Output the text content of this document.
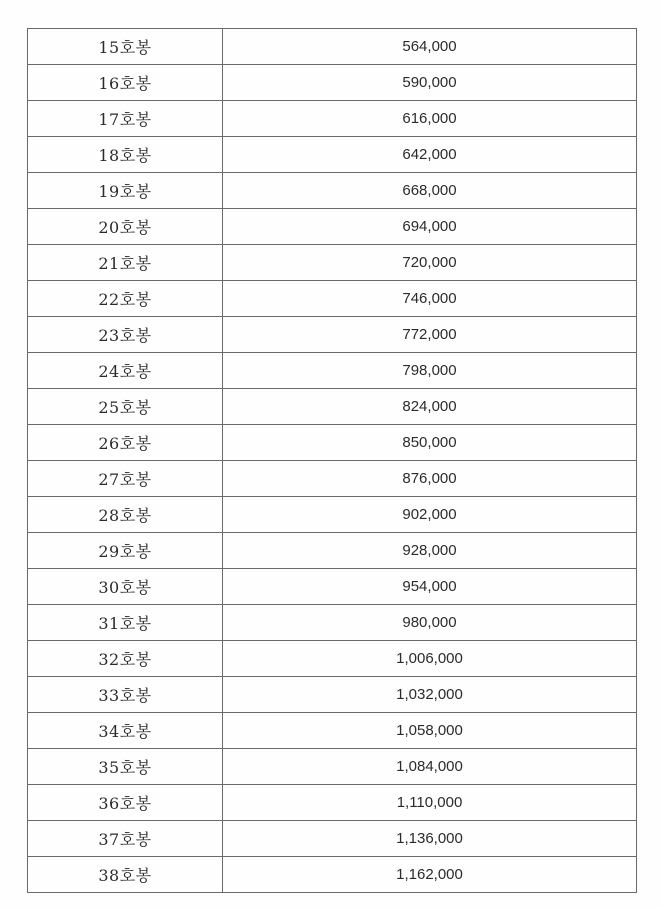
15호봉	564,000
16호봉	590,000
17호봉	616,000
18호봉	642,000
19호봉	668,000
20호봉	694,000
21호봉	720,000
22호봉	746,000
23호봉	772,000
24호봉	798,000
25호봉	824,000
26호봉	850,000
27호봉	876,000
28호봉	902,000
29호봉	928,000
30호봉	954,000
31호봉	980,000
32호봉	1,006,000
33호봉	1,032,000
34호봉	1,058,000
35호봉	1,084,000
36호봉	1,110,000
37호봉	1,136,000
38호봉	1,162,000
